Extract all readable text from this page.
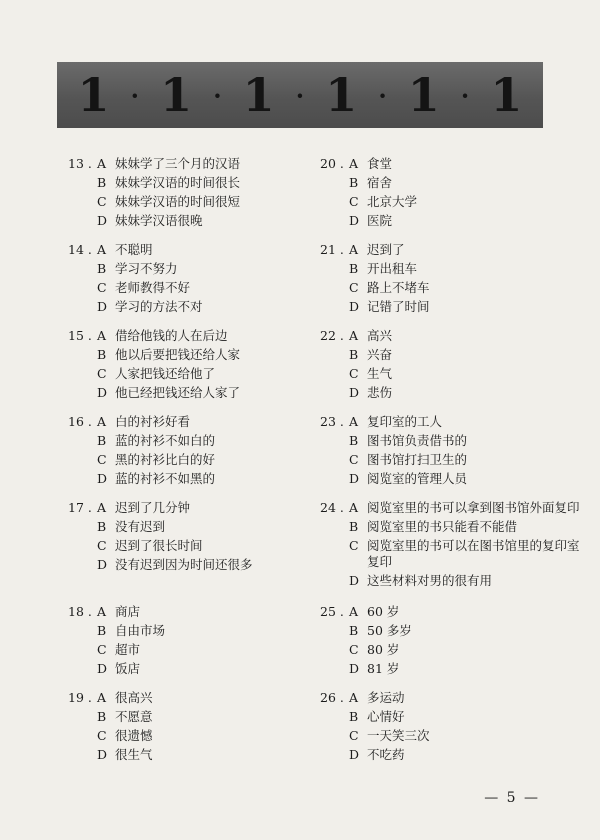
1 · 1 · 1 · 1 · 1 · 1
13 . A 妹妹学了三个月的汉语
B 妹妹学汉语的时间很长
C 妹妹学汉语的时间很短
D 妹妹学汉语很晚
14 . A 不聪明
B 学习不努力
C 老师教得不好
D 学习的方法不对
15 . A 借给他钱的人在后边
B 他以后要把钱还给人家
C 人家把钱还给他了
D 他已经把钱还给人家了
16 . A 白的衬衫好看
B 蓝的衬衫不如白的
C 黑的衬衫比白的好
D 蓝的衬衫不如黑的
17 . A 迟到了几分钟
B 没有迟到
C 迟到了很长时间
D 没有迟到因为时间还很多
18 . A 商店
B 自由市场
C 超市
D 饭店
19 . A 很高兴
B 不愿意
C 很遗憾
D 很生气
20 . A 食堂
B 宿舍
C 北京大学
D 医院
21 . A 迟到了
B 开出租车
C 路上不堵车
D 记错了时间
22 . A 高兴
B 兴奋
C 生气
D 悲伤
23 . A 复印室的工人
B 图书馆负责借书的
C 图书馆打扫卫生的
D 阅览室的管理人员
24 . A 阅览室里的书可以拿到图书馆外面复印
B 阅览室里的书只能看不能借
C 阅览室里的书可以在图书馆里的复印室复印
D 这些材料对男的很有用
25 . A 60 岁
B 50 多岁
C 80 岁
D 81 岁
26 . A 多运动
B 心情好
C 一天笑三次
D 不吃药
— 5 —
